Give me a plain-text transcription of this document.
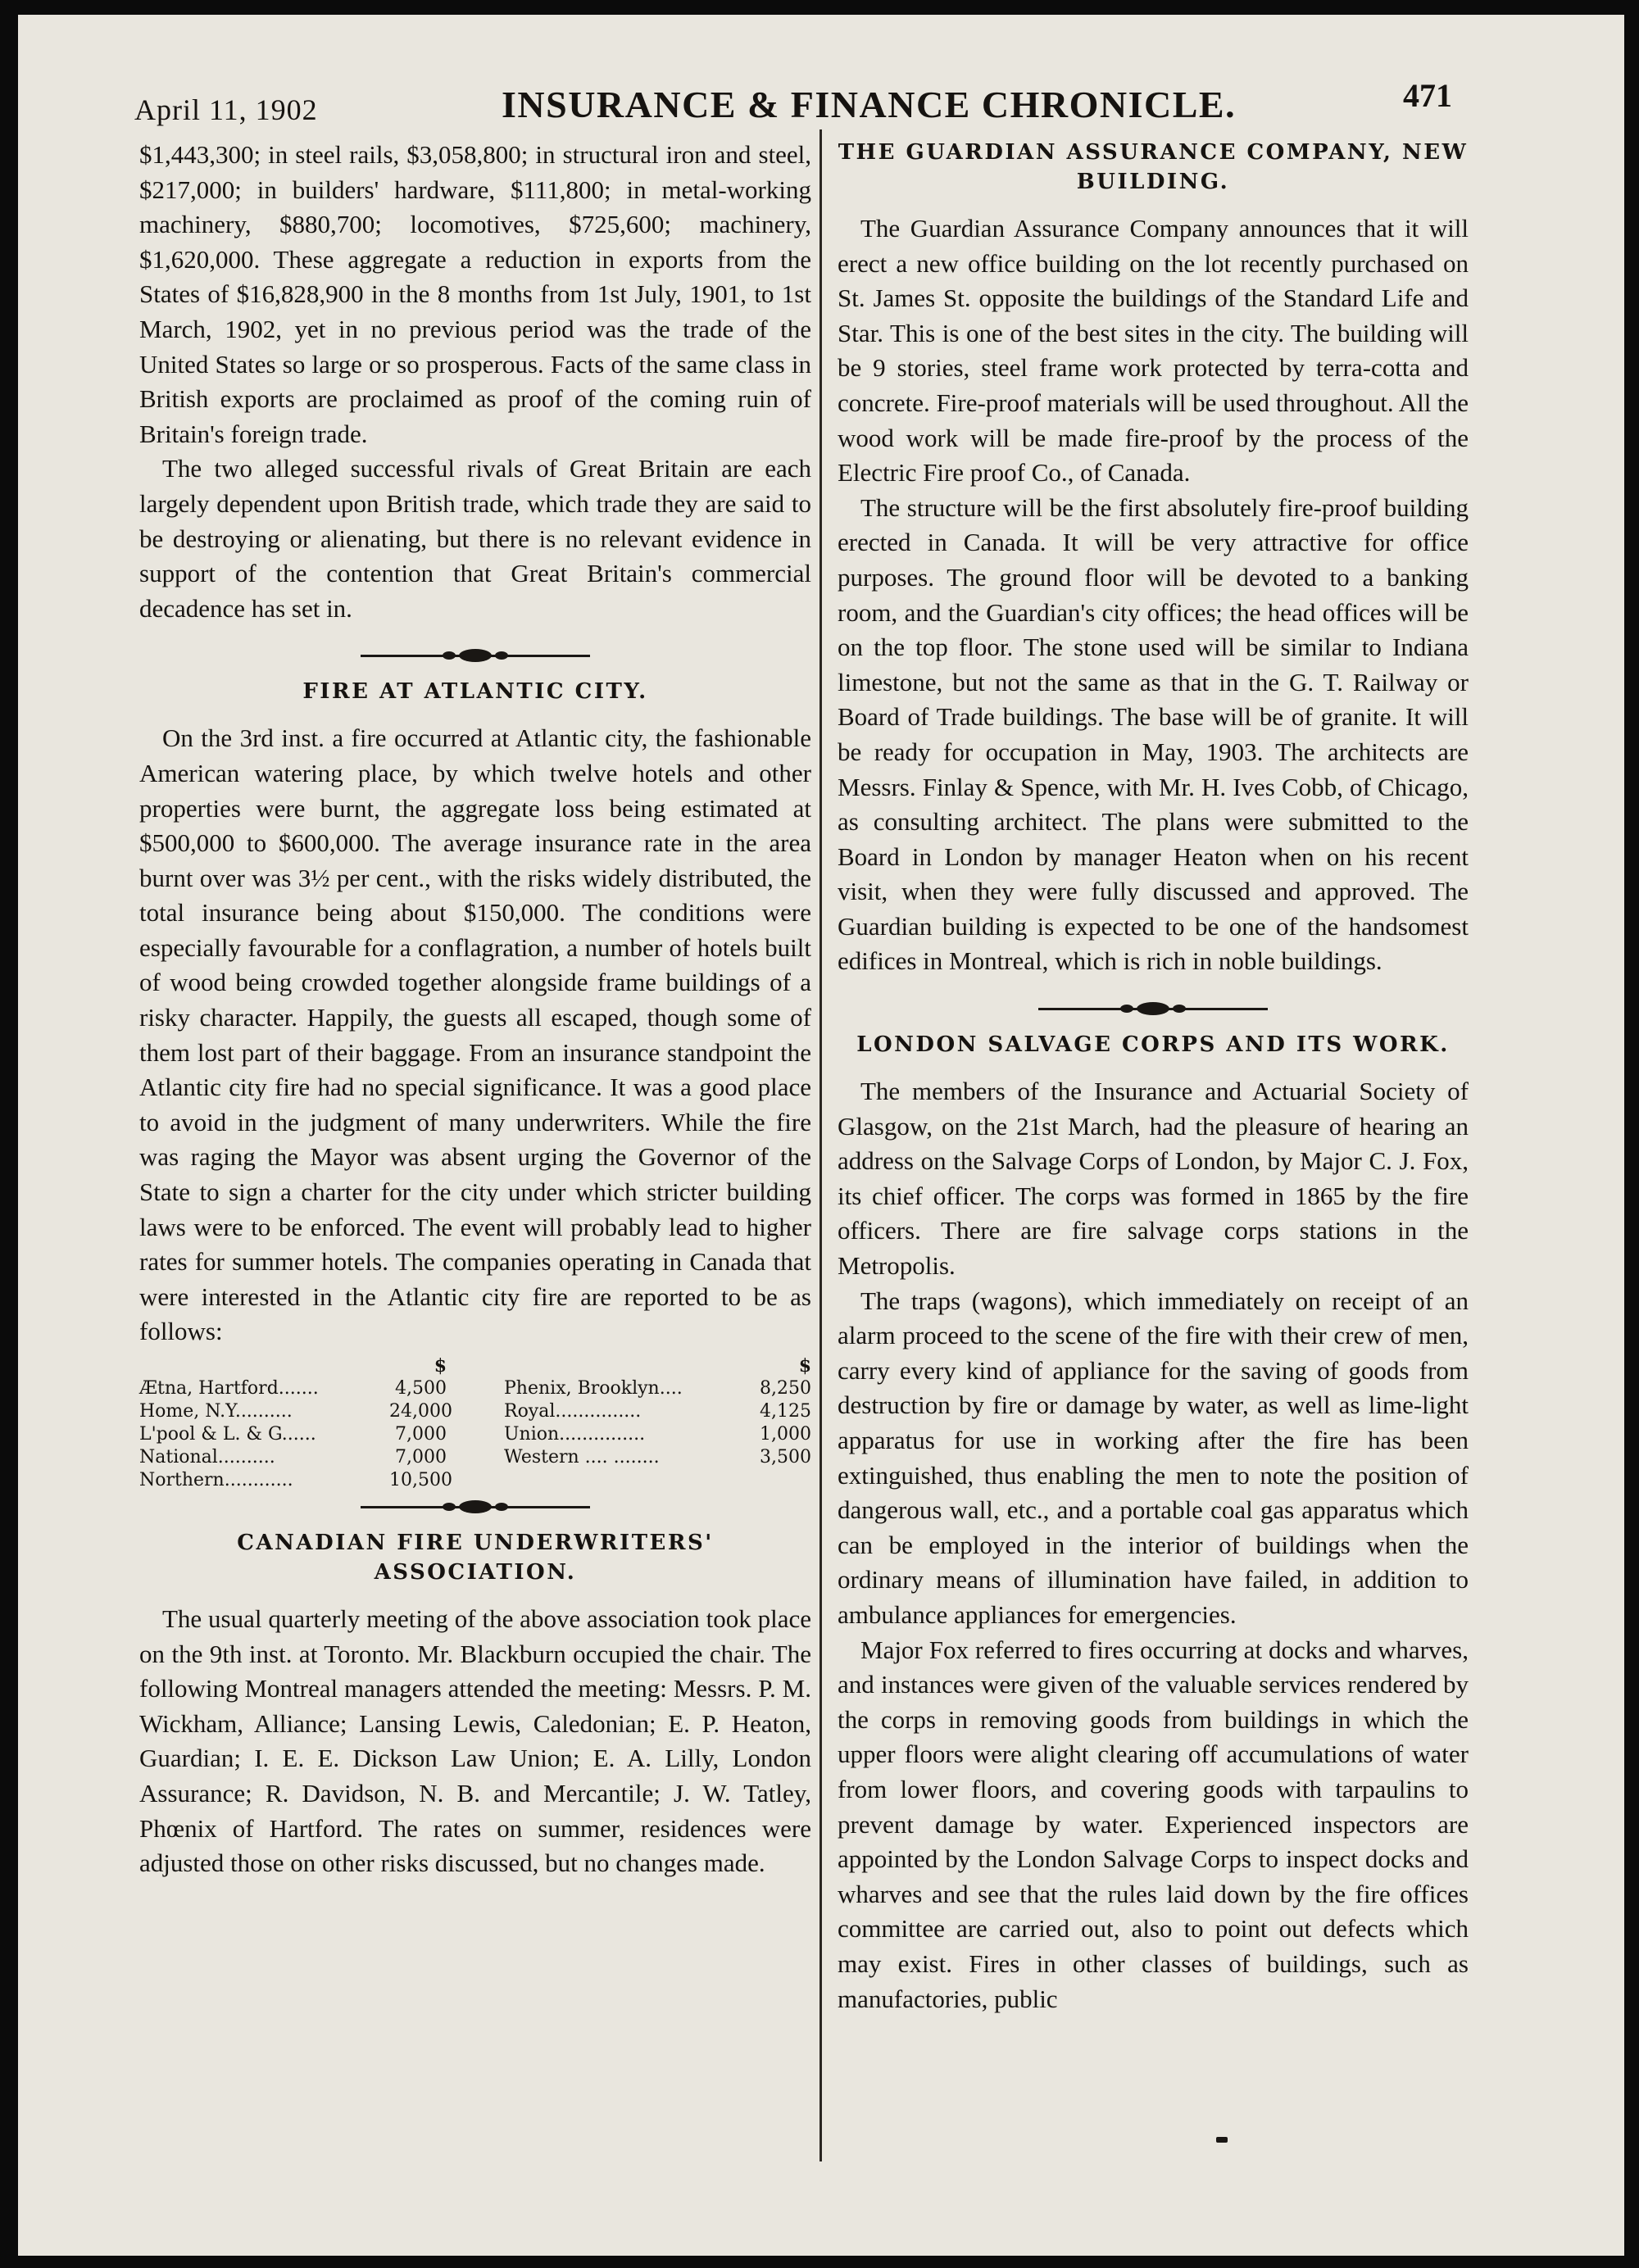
April 11, 1902	INSURANCE & FINANCE CHRONICLE.	471

$1,443,300; in steel rails, $3,058,800; in structural iron and steel, $217,000; in builders' hardware, $111,800; in metal-working machinery, $880,700; locomotives, $725,600; machinery, $1,620,000. These aggregate a reduction in exports from the States of $16,828,900 in the 8 months from 1st July, 1901, to 1st March, 1902, yet in no previous period was the trade of the United States so large or so prosperous. Facts of the same class in British exports are proclaimed as proof of the coming ruin of Britain's foreign trade.

The two alleged successful rivals of Great Britain are each largely dependent upon British trade, which trade they are said to be destroying or alienating, but there is no relevant evidence in support of the contention that Great Britain's commercial decadence has set in.

FIRE AT ATLANTIC CITY.

On the 3rd inst. a fire occurred at Atlantic city, the fashionable American watering place, by which twelve hotels and other properties were burnt, the aggregate loss being estimated at $500,000 to $600,000. The average insurance rate in the area burnt over was 3½ per cent., with the risks widely distributed, the total insurance being about $150,000. The conditions were especially favourable for a conflagration, a number of hotels built of wood being crowded together alongside frame buildings of a risky character. Happily, the guests all escaped, though some of them lost part of their baggage. From an insurance standpoint the Atlantic city fire had no special significance. It was a good place to avoid in the judgment of many underwriters. While the fire was raging the Mayor was absent urging the Governor of the State to sign a charter for the city under which stricter building laws were to be enforced. The event will probably lead to higher rates for summer hotels. The companies operating in Canada that were interested in the Atlantic city fire are reported to be as follows:

$
Ætna, Hartford.......	4,500
Home, N.Y..........	24,000
L'pool & L. & G......	7,000
National..........	7,000
Northern............	10,500
$
Phenix, Brooklyn....	8,250
Royal...............	4,125
Union...............	1,000
Western .... ........	3,500
CANADIAN FIRE UNDERWRITERS'
ASSOCIATION.

The usual quarterly meeting of the above association took place on the 9th inst. at Toronto. Mr. Blackburn occupied the chair. The following Montreal managers attended the meeting: Messrs. P. M. Wickham, Alliance; Lansing Lewis, Caledonian; E. P. Heaton, Guardian; I. E. E. Dickson Law Union; E. A. Lilly, London Assurance; R. Davidson, N. B. and Mercantile; J. W. Tatley, Phœnix of Hartford. The rates on summer, residences were adjusted those on other risks discussed, but no changes made.

THE GUARDIAN ASSURANCE COMPANY, NEW
BUILDING.

The Guardian Assurance Company announces that it will erect a new office building on the lot recently purchased on St. James St. opposite the buildings of the Standard Life and Star. This is one of the best sites in the city. The building will be 9 stories, steel frame work protected by terra-cotta and concrete. Fire-proof materials will be used throughout. All the wood work will be made fire-proof by the process of the Electric Fire proof Co., of Canada.

The structure will be the first absolutely fire-proof building erected in Canada. It will be very attractive for office purposes. The ground floor will be devoted to a banking room, and the Guardian's city offices; the head offices will be on the top floor. The stone used will be similar to Indiana limestone, but not the same as that in the G. T. Railway or Board of Trade buildings. The base will be of granite. It will be ready for occupation in May, 1903. The architects are Messrs. Finlay & Spence, with Mr. H. Ives Cobb, of Chicago, as consulting architect. The plans were submitted to the Board in London by manager Heaton when on his recent visit, when they were fully discussed and approved. The Guardian building is expected to be one of the handsomest edifices in Montreal, which is rich in noble buildings.

LONDON SALVAGE CORPS AND ITS WORK.

The members of the Insurance and Actuarial Society of Glasgow, on the 21st March, had the pleasure of hearing an address on the Salvage Corps of London, by Major C. J. Fox, its chief officer. The corps was formed in 1865 by the fire officers. There are fire salvage corps stations in the Metropolis.

The traps (wagons), which immediately on receipt of an alarm proceed to the scene of the fire with their crew of men, carry every kind of appliance for the saving of goods from destruction by fire or damage by water, as well as lime-light apparatus for use in working after the fire has been extinguished, thus enabling the men to note the position of dangerous wall, etc., and a portable coal gas apparatus which can be employed in the interior of buildings when the ordinary means of illumination have failed, in addition to ambulance appliances for emergencies.

Major Fox referred to fires occurring at docks and wharves, and instances were given of the valuable services rendered by the corps in removing goods from buildings in which the upper floors were alight clearing off accumulations of water from lower floors, and covering goods with tarpaulins to prevent damage by water. Experienced inspectors are appointed by the London Salvage Corps to inspect docks and wharves and see that the rules laid down by the fire offices committee are carried out, also to point out defects which may exist. Fires in other classes of buildings, such as manufactories, public
